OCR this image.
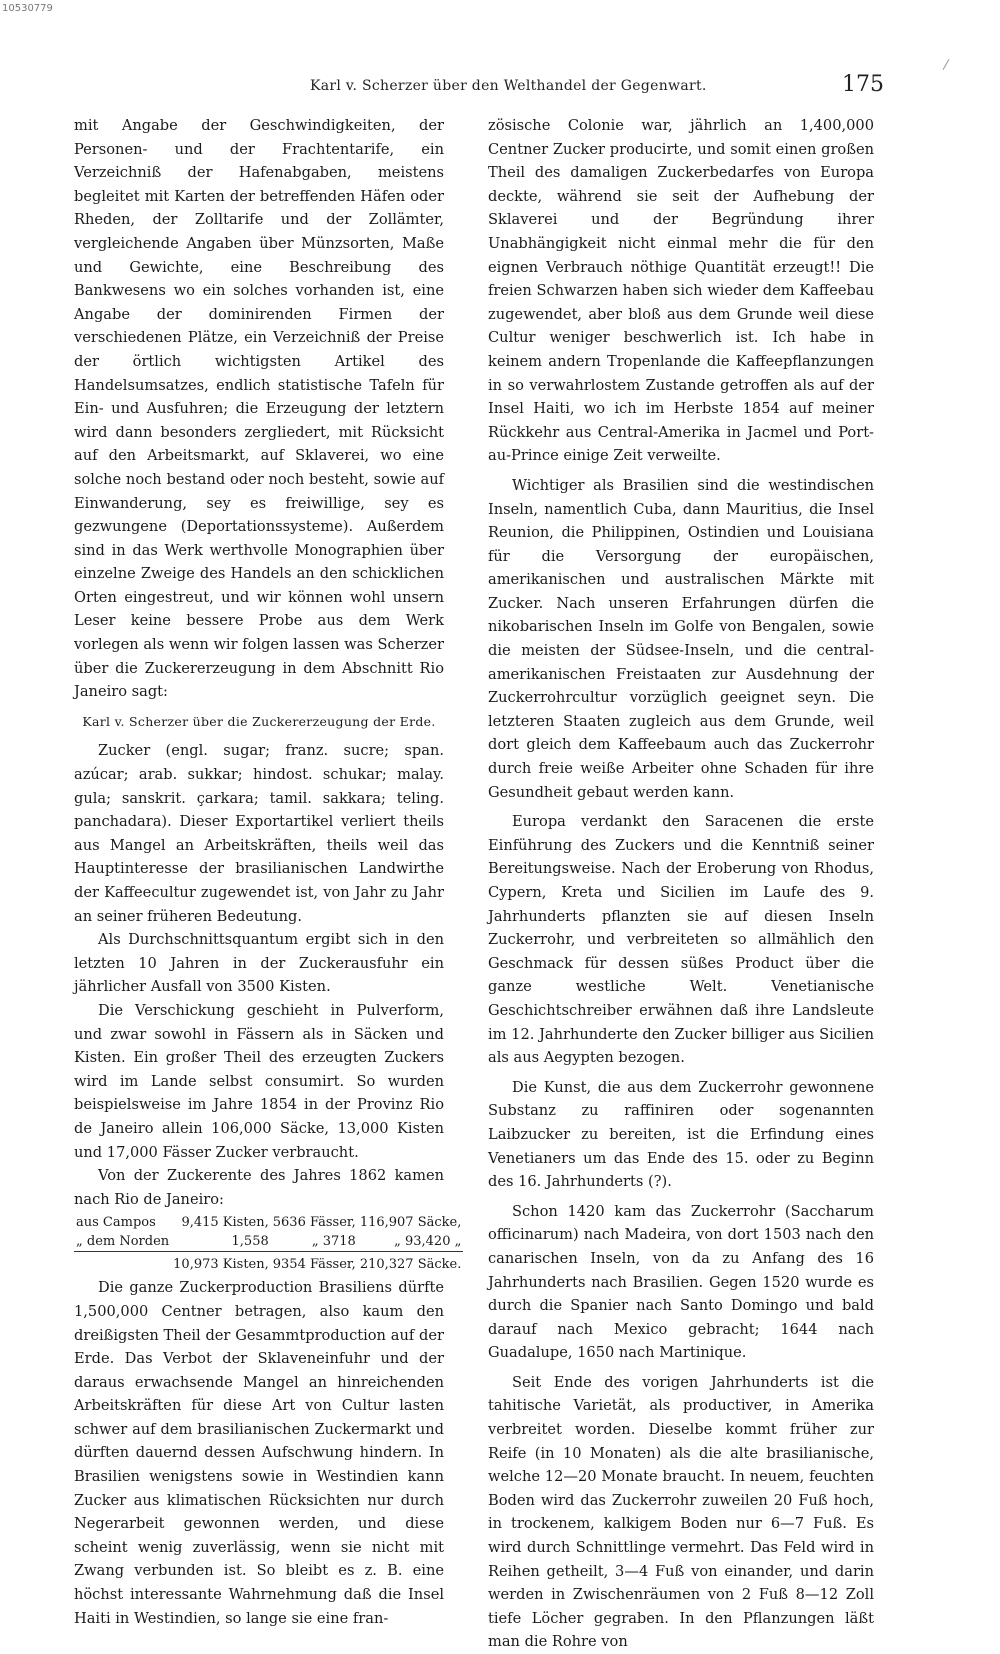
10530779
Karl v. Scherzer über den Welthandel der Gegenwart.	175

mit Angabe der Geschwindigkeiten, der Personen- und der Frachtentarife, ein Verzeichniß der Hafenabgaben, meistens begleitet mit Karten der betreffenden Häfen oder Rheden, der Zolltarife und der Zollämter, vergleichende Angaben über Münzsorten, Maße und Gewichte, eine Beschreibung des Bankwesens wo ein solches vorhanden ist, eine Angabe der dominirenden Firmen der verschiedenen Plätze, ein Verzeichniß der Preise der örtlich wichtigsten Artikel des Handelsumsatzes, endlich statistische Tafeln für Ein- und Ausfuhren; die Erzeugung der letztern wird dann besonders zergliedert, mit Rücksicht auf den Arbeitsmarkt, auf Sklaverei, wo eine solche noch bestand oder noch besteht, sowie auf Einwanderung, sey es freiwillige, sey es gezwungene (Deportationssysteme). Außerdem sind in das Werk werthvolle Monographien über einzelne Zweige des Handels an den schicklichen Orten eingestreut, und wir können wohl unsern Leser keine bessere Probe aus dem Werk vorlegen als wenn wir folgen lassen was Scherzer über die Zuckererzeugung in dem Abschnitt Rio Janeiro sagt:

Karl v. Scherzer über die Zuckererzeugung der Erde.

Zucker (engl. sugar; franz. sucre; span. azúcar; arab. sukkar; hindost. schukar; malay. gula; sanskrit. çarkara; tamil. sakkara; teling. panchadara). Dieser Exportartikel verliert theils aus Mangel an Arbeitskräften, theils weil das Hauptinteresse der brasilianischen Landwirthe der Kaffeecultur zugewendet ist, von Jahr zu Jahr an seiner früheren Bedeutung.

Als Durchschnittsquantum ergibt sich in den letzten 10 Jahren in der Zuckerausfuhr ein jährlicher Ausfall von 3500 Kisten.

Die Verschickung geschieht in Pulverform, und zwar sowohl in Fässern als in Säcken und Kisten. Ein großer Theil des erzeugten Zuckers wird im Lande selbst consumirt. So wurden beispielsweise im Jahre 1854 in der Provinz Rio de Janeiro allein 106,000 Säcke, 13,000 Kisten und 17,000 Fässer Zucker verbraucht.

Von der Zuckerente des Jahres 1862 kamen nach Rio de Janeiro:

aus Campos	9,415 Kisten,	5636 Fässer,	116,907 Säcke,
„ dem Norden	1,558	„ 3718	„ 93,420 „
	10,973 Kisten,	9354 Fässer,	210,327 Säcke.

Die ganze Zuckerproduction Brasiliens dürfte 1,500,000 Centner betragen, also kaum den dreißigsten Theil der Gesammtproduction auf der Erde. Das Verbot der Sklaveneinfuhr und der daraus erwachsende Mangel an hinreichenden Arbeitskräften für diese Art von Cultur lasten schwer auf dem brasilianischen Zuckermarkt und dürften dauernd dessen Aufschwung hindern. In Brasilien wenigstens sowie in Westindien kann Zucker aus klimatischen Rücksichten nur durch Negerarbeit gewonnen werden, und diese scheint wenig zuverlässig, wenn sie nicht mit Zwang verbunden ist. So bleibt es z. B. eine höchst interessante Wahrnehmung daß die Insel Haiti in Westindien, so lange sie eine fran-

zösische Colonie war, jährlich an 1,400,000 Centner Zucker producirte, und somit einen großen Theil des damaligen Zuckerbedarfes von Europa deckte, während sie seit der Aufhebung der Sklaverei und der Begründung ihrer Unabhängigkeit nicht einmal mehr die für den eignen Verbrauch nöthige Quantität erzeugt!! Die freien Schwarzen haben sich wieder dem Kaffeebau zugewendet, aber bloß aus dem Grunde weil diese Cultur weniger beschwerlich ist. Ich habe in keinem andern Tropenlande die Kaffeepflanzungen in so verwahrlostem Zustande getroffen als auf der Insel Haiti, wo ich im Herbste 1854 auf meiner Rückkehr aus Central-Amerika in Jacmel und Port-au-Prince einige Zeit verweilte.

Wichtiger als Brasilien sind die westindischen Inseln, namentlich Cuba, dann Mauritius, die Insel Reunion, die Philippinen, Ostindien und Louisiana für die Versorgung der europäischen, amerikanischen und australischen Märkte mit Zucker. Nach unseren Erfahrungen dürfen die nikobarischen Inseln im Golfe von Bengalen, sowie die meisten der Südsee-Inseln, und die central-amerikanischen Freistaaten zur Ausdehnung der Zuckerrohrcultur vorzüglich geeignet seyn. Die letzteren Staaten zugleich aus dem Grunde, weil dort gleich dem Kaffeebaum auch das Zuckerrohr durch freie weiße Arbeiter ohne Schaden für ihre Gesundheit gebaut werden kann.

Europa verdankt den Saracenen die erste Einführung des Zuckers und die Kenntniß seiner Bereitungsweise. Nach der Eroberung von Rhodus, Cypern, Kreta und Sicilien im Laufe des 9. Jahrhunderts pflanzten sie auf diesen Inseln Zuckerrohr, und verbreiteten so allmählich den Geschmack für dessen süßes Product über die ganze westliche Welt. Venetianische Geschichtschreiber erwähnen daß ihre Landsleute im 12. Jahrhunderte den Zucker billiger aus Sicilien als aus Aegypten bezogen.

Die Kunst, die aus dem Zuckerrohr gewonnene Substanz zu raffiniren oder sogenannten Laibzucker zu bereiten, ist die Erfindung eines Venetianers um das Ende des 15. oder zu Beginn des 16. Jahrhunderts (?).

Schon 1420 kam das Zuckerrohr (Saccharum officinarum) nach Madeira, von dort 1503 nach den canarischen Inseln, von da zu Anfang des 16 Jahrhunderts nach Brasilien. Gegen 1520 wurde es durch die Spanier nach Santo Domingo und bald darauf nach Mexico gebracht; 1644 nach Guadalupe, 1650 nach Martinique.

Seit Ende des vorigen Jahrhunderts ist die tahitische Varietät, als productiver, in Amerika verbreitet worden. Dieselbe kommt früher zur Reife (in 10 Monaten) als die alte brasilianische, welche 12—20 Monate braucht. In neuem, feuchten Boden wird das Zuckerrohr zuweilen 20 Fuß hoch, in trockenem, kalkigem Boden nur 6—7 Fuß. Es wird durch Schnittlinge vermehrt. Das Feld wird in Reihen getheilt, 3—4 Fuß von einander, und darin werden in Zwischenräumen von 2 Fuß 8—12 Zoll tiefe Löcher gegraben. In den Pflanzungen läßt man die Rohre von
